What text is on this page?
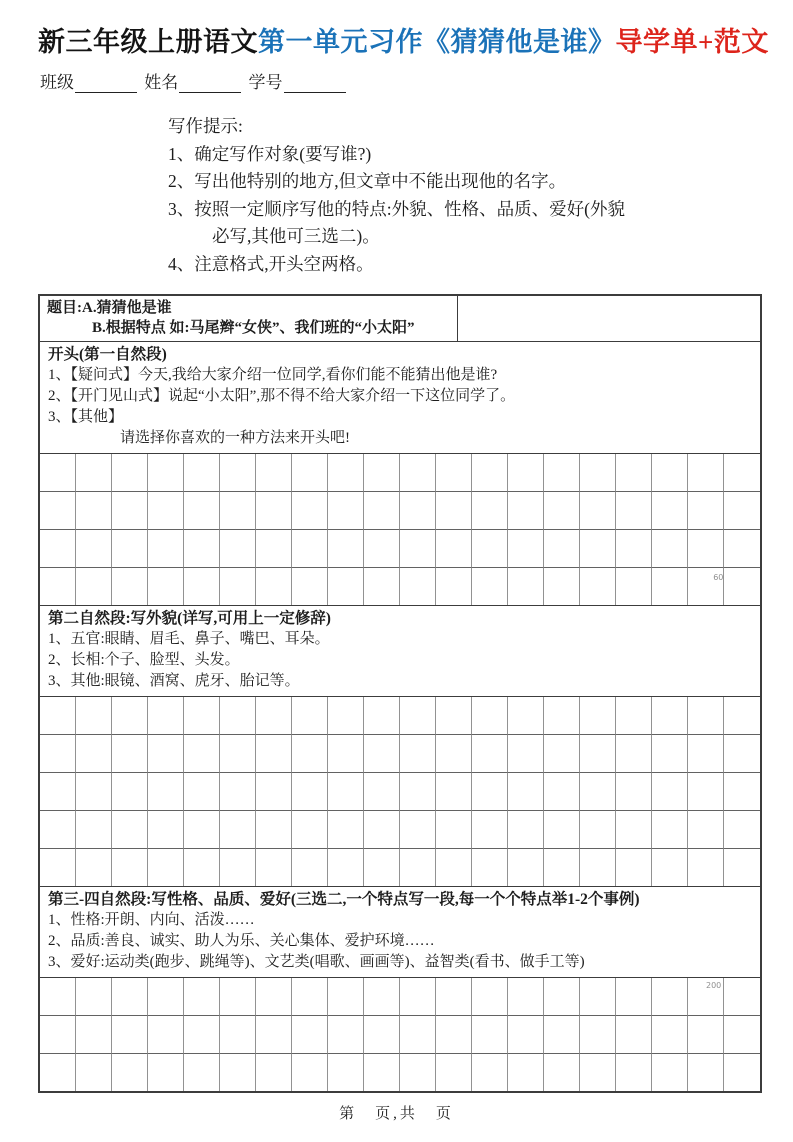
新三年级上册语文第一单元习作《猜猜他是谁》导学单+范文
班级	姓名	学号
写作提示:
1、确定写作对象(要写谁?)
2、写出他特别的地方,但文章中不能出现他的名字。
3、按照一定顺序写他的特点:外貌、性格、品质、爱好(外貌
必写,其他可三选二)。
4、注意格式,开头空两格。
题目:A.猜猜他是谁
B.根据特点 如:马尾辫“女侠”、我们班的“小太阳”
开头(第一自然段)
1、【疑问式】今天,我给大家介绍一位同学,看你们能不能猜出他是谁?
2、【开门见山式】说起“小太阳”,那不得不给大家介绍一下这位同学了。
3、【其他】
请选择你喜欢的一种方法来开头吧!
60
第二自然段:写外貌(详写,可用上一定修辞)
1、五官:眼睛、眉毛、鼻子、嘴巴、耳朵。
2、长相:个子、脸型、头发。
3、其他:眼镜、酒窝、虎牙、胎记等。
第三-四自然段:写性格、品质、爱好(三选二,一个特点写一段,每一个个特点举1-2个事例)
1、性格:开朗、内向、活泼……
2、品质:善良、诚实、助人为乐、关心集体、爱护环境……
3、爱好:运动类(跑步、跳绳等)、文艺类(唱歌、画画等)、益智类(看书、做手工等)
200
第　页,共　页
